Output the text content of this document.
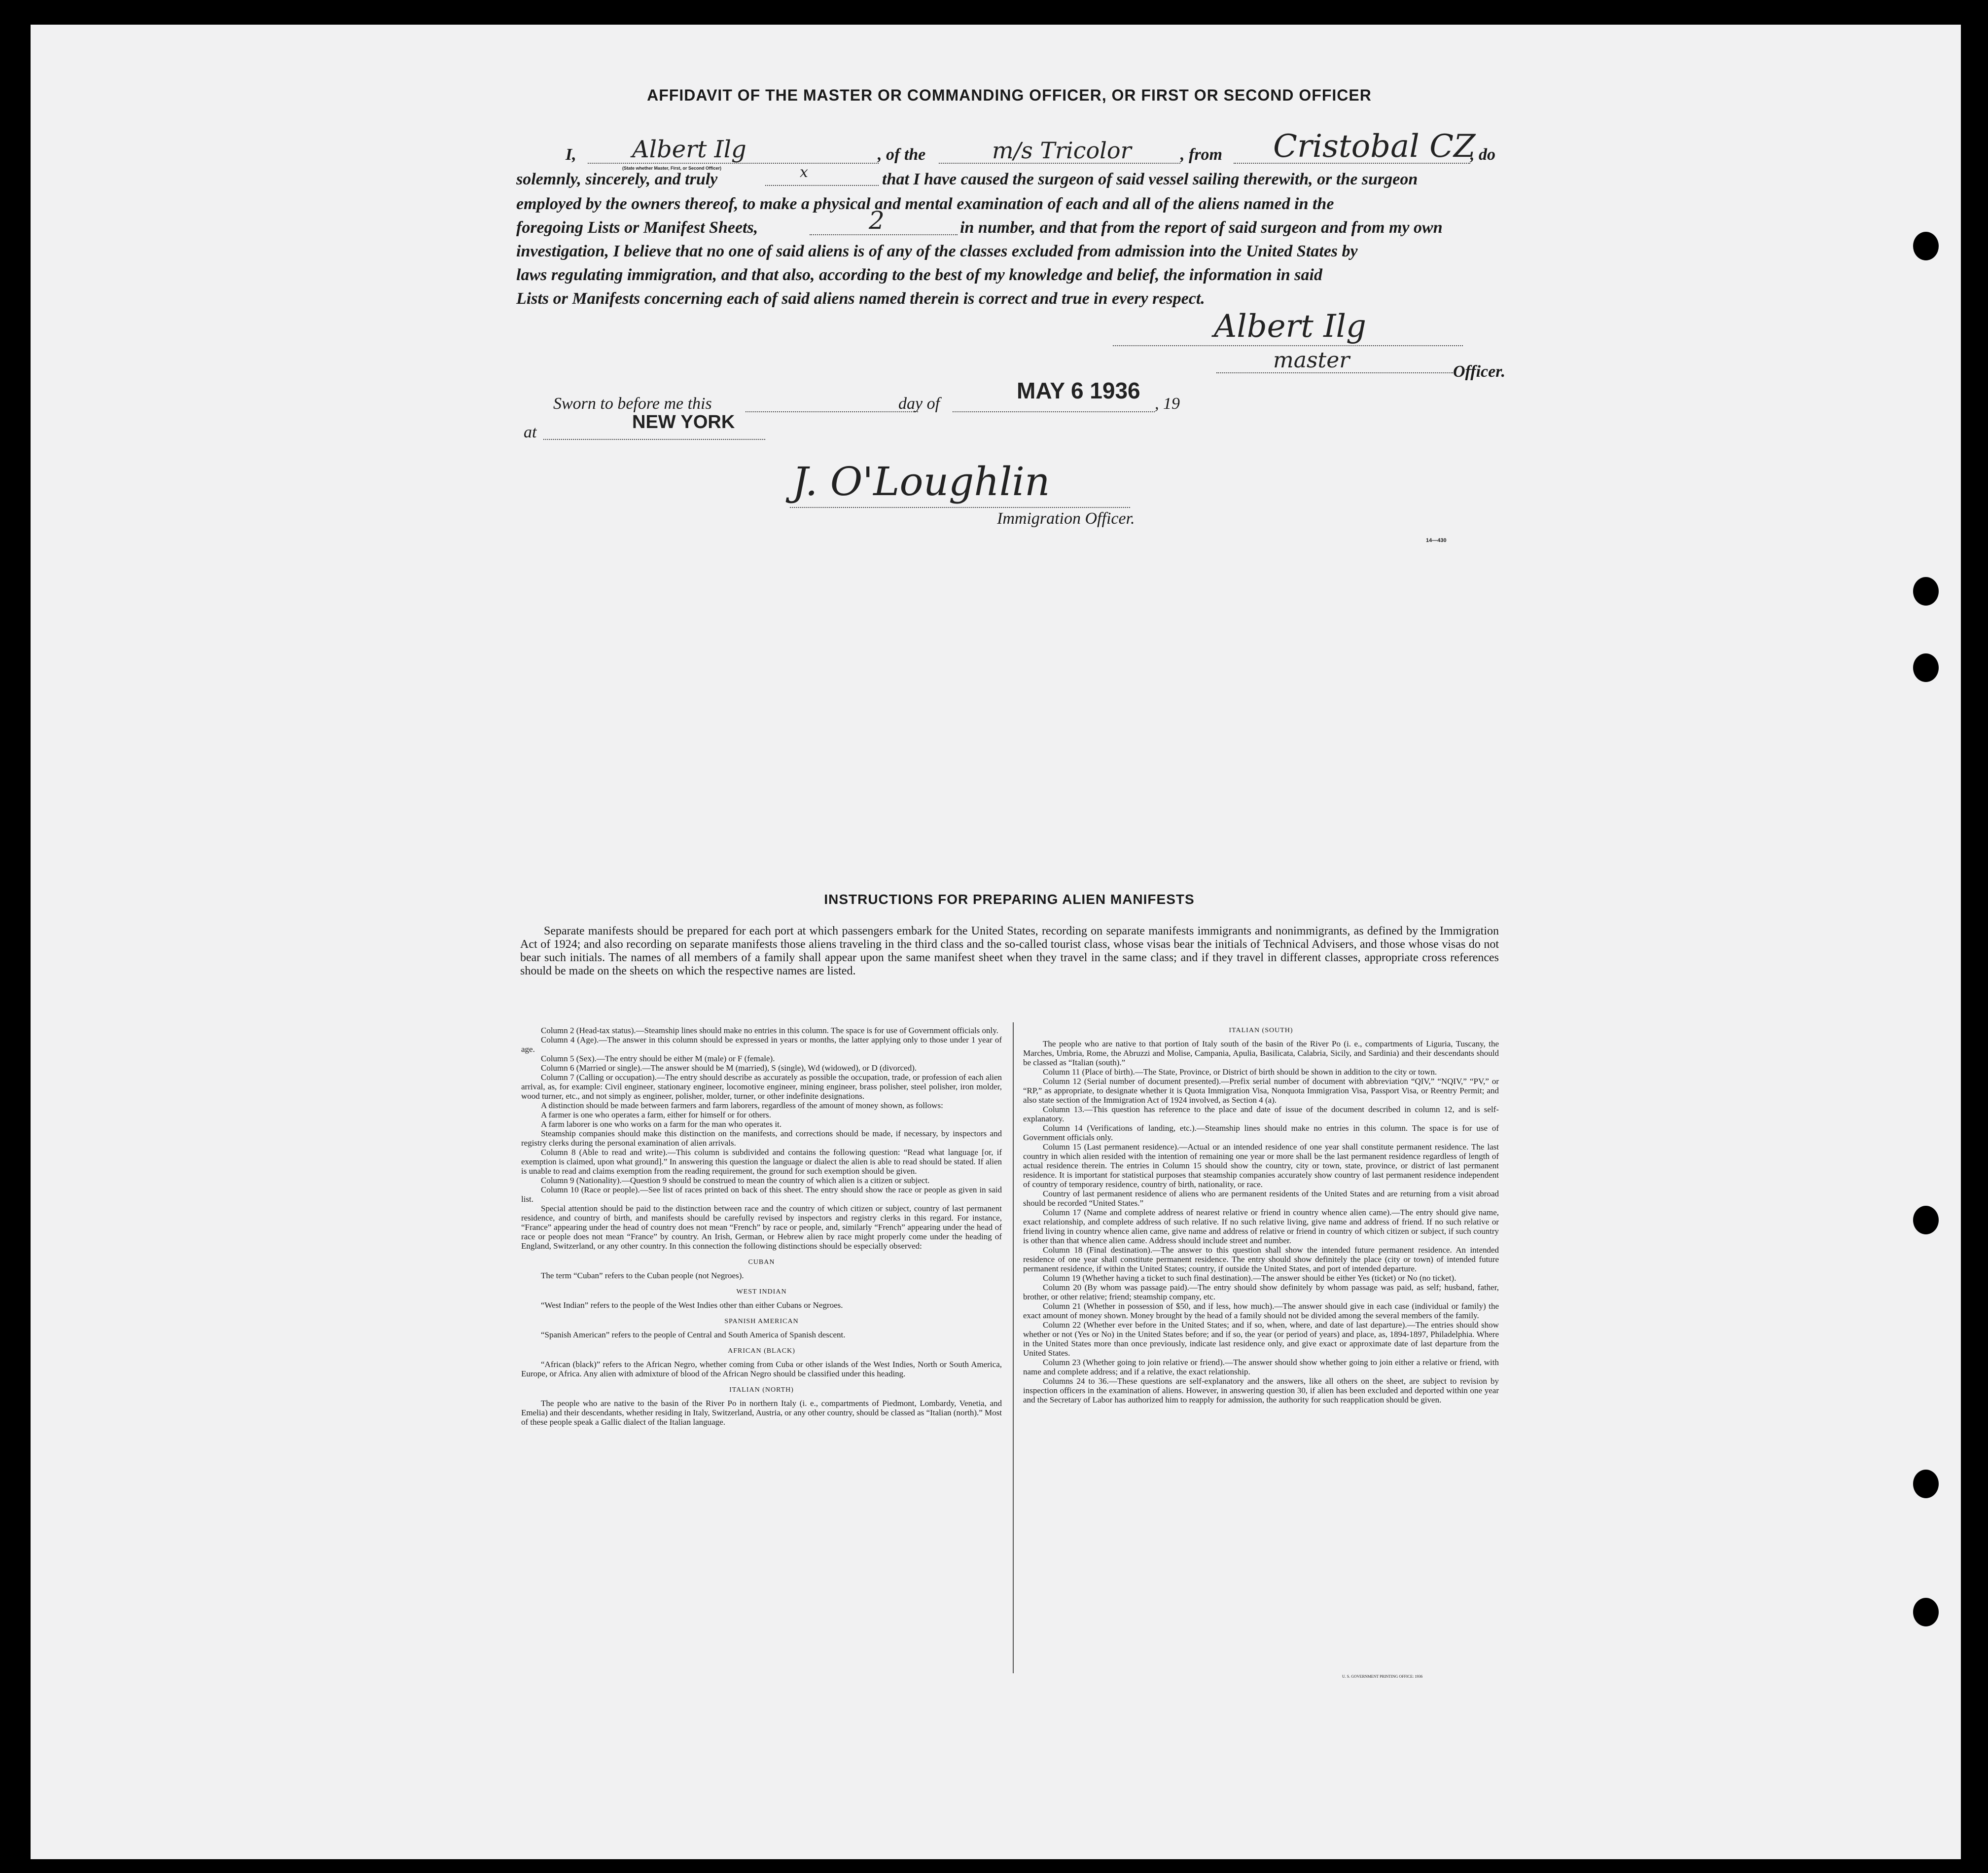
AFFIDAVIT OF THE MASTER OR COMMANDING OFFICER, OR FIRST OR SECOND OFFICER
I, Albert Ilg
(State whether Master, First, or Second Officer)
, of the	m/s Tricolor	, from Cristobal CZ
, do
solemnly, sincerely, and truly	x	that I have caused the surgeon of said vessel sailing therewith, or the surgeon
employed by the owners thereof, to make a physical and mental examination of each and all of the aliens named in the
foregoing Lists or Manifest Sheets,	2	in number, and that from the report of said surgeon and from my own
investigation, I believe that no one of said aliens is of any of the classes excluded from admission into the United States by
laws regulating immigration, and that also, according to the best of my knowledge and belief, the information in said
Lists or Manifests concerning each of said aliens named therein is correct and true in every respect.
Albert Ilg
master	Officer.
Sworn to before me this	day of
MAY 6 1936
, 19
at	NEW YORK
J. O'Loughlin
Immigration Officer.
14—430
INSTRUCTIONS FOR PREPARING ALIEN MANIFESTS
Separate manifests should be prepared for each port at which passengers embark for the United States, recording on separate manifests immigrants and nonimmigrants, as defined by the Immigration Act of 1924; and also recording on separate manifests those aliens traveling in the third class and the so-called tourist class, whose visas bear the initials of Technical Advisers, and those whose visas do not bear such initials. The names of all members of a family shall appear upon the same manifest sheet when they travel in the same class; and if they travel in different classes, appropriate cross references should be made on the sheets on which the respective names are listed.

Column 2 (Head-tax status).—Steamship lines should make no entries in this column. The space is for use of Government officials only.

Column 4 (Age).—The answer in this column should be expressed in years or months, the latter applying only to those under 1 year of age.

Column 5 (Sex).—The entry should be either M (male) or F (female).

Column 6 (Married or single).—The answer should be M (married), S (single), Wd (widowed), or D (divorced).

Column 7 (Calling or occupation).—The entry should describe as accurately as possible the occupation, trade, or profession of each alien arrival, as, for example: Civil engineer, stationary engineer, locomotive engineer, mining engineer, brass polisher, steel polisher, iron molder, wood turner, etc., and not simply as engineer, polisher, molder, turner, or other indefinite designations.

A distinction should be made between farmers and farm laborers, regardless of the amount of money shown, as follows:

A farmer is one who operates a farm, either for himself or for others.

A farm laborer is one who works on a farm for the man who operates it.

Steamship companies should make this distinction on the manifests, and corrections should be made, if necessary, by inspectors and registry clerks during the personal examination of alien arrivals.

Column 8 (Able to read and write).—This column is subdivided and contains the following question: “Read what language [or, if exemption is claimed, upon what ground].” In answering this question the language or dialect the alien is able to read should be stated. If alien is unable to read and claims exemption from the reading requirement, the ground for such exemption should be given.

Column 9 (Nationality).—Question 9 should be construed to mean the country of which alien is a citizen or subject.

Column 10 (Race or people).—See list of races printed on back of this sheet. The entry should show the race or people as given in said list.

Special attention should be paid to the distinction between race and the country of which citizen or subject, country of last permanent residence, and country of birth, and manifests should be carefully revised by inspectors and registry clerks in this regard. For instance, “France” appearing under the head of country does not mean “French” by race or people, and, similarly “French” appearing under the head of race or people does not mean “France” by country. An Irish, German, or Hebrew alien by race might properly come under the heading of England, Switzerland, or any other country. In this connection the following distinctions should be especially observed:

CUBAN

The term “Cuban” refers to the Cuban people (not Negroes).

WEST INDIAN

“West Indian” refers to the people of the West Indies other than either Cubans or Negroes.

SPANISH AMERICAN

“Spanish American” refers to the people of Central and South America of Spanish descent.

AFRICAN (BLACK)

“African (black)” refers to the African Negro, whether coming from Cuba or other islands of the West Indies, North or South America, Europe, or Africa. Any alien with admixture of blood of the African Negro should be classified under this heading.

ITALIAN (NORTH)

The people who are native to the basin of the River Po in northern Italy (i. e., compartments of Piedmont, Lombardy, Venetia, and Emelia) and their descendants, whether residing in Italy, Switzerland, Austria, or any other country, should be classed as “Italian (north).” Most of these people speak a Gallic dialect of the Italian language.

ITALIAN (SOUTH)

The people who are native to that portion of Italy south of the basin of the River Po (i. e., compartments of Liguria, Tuscany, the Marches, Umbria, Rome, the Abruzzi and Molise, Campania, Apulia, Basilicata, Calabria, Sicily, and Sardinia) and their descendants should be classed as “Italian (south).”

Column 11 (Place of birth).—The State, Province, or District of birth should be shown in addition to the city or town.

Column 12 (Serial number of document presented).—Prefix serial number of document with abbreviation “QIV,” “NQIV,” “PV,” or “RP,” as appropriate, to designate whether it is Quota Immigration Visa, Nonquota Immigration Visa, Passport Visa, or Reentry Permit; and also state section of the Immigration Act of 1924 involved, as Section 4 (a).

Column 13.—This question has reference to the place and date of issue of the document described in column 12, and is self-explanatory.

Column 14 (Verifications of landing, etc.).—Steamship lines should make no entries in this column. The space is for use of Government officials only.

Column 15 (Last permanent residence).—Actual or an intended residence of one year shall constitute permanent residence. The last country in which alien resided with the intention of remaining one year or more shall be the last permanent residence regardless of length of actual residence therein. The entries in Column 15 should show the country, city or town, state, province, or district of last permanent residence. It is important for statistical purposes that steamship companies accurately show country of last permanent residence independent of country of temporary residence, country of birth, nationality, or race.

Country of last permanent residence of aliens who are permanent residents of the United States and are returning from a visit abroad should be recorded “United States.”

Column 17 (Name and complete address of nearest relative or friend in country whence alien came).—The entry should give name, exact relationship, and complete address of such relative. If no such relative living, give name and address of friend. If no such relative or friend living in country whence alien came, give name and address of relative or friend in country of which citizen or subject, if such country is other than that whence alien came. Address should include street and number.

Column 18 (Final destination).—The answer to this question shall show the intended future permanent residence. An intended residence of one year shall constitute permanent residence. The entry should show definitely the place (city or town) of intended future permanent residence, if within the United States; country, if outside the United States, and port of intended departure.

Column 19 (Whether having a ticket to such final destination).—The answer should be either Yes (ticket) or No (no ticket).

Column 20 (By whom was passage paid).—The entry should show definitely by whom passage was paid, as self; husband, father, brother, or other relative; friend; steamship company, etc.

Column 21 (Whether in possession of $50, and if less, how much).—The answer should give in each case (individual or family) the exact amount of money shown. Money brought by the head of a family should not be divided among the several members of the family.

Column 22 (Whether ever before in the United States; and if so, when, where, and date of last departure).—The entries should show whether or not (Yes or No) in the United States before; and if so, the year (or period of years) and place, as, 1894-1897, Philadelphia. Where in the United States more than once previously, indicate last residence only, and give exact or approximate date of last departure from the United States.

Column 23 (Whether going to join relative or friend).—The answer should show whether going to join either a relative or friend, with name and complete address; and if a relative, the exact relationship.

Columns 24 to 36.—These questions are self-explanatory and the answers, like all others on the sheet, are subject to revision by inspection officers in the examination of aliens. However, in answering question 30, if alien has been excluded and deported within one year and the Secretary of Labor has authorized him to reapply for admission, the authority for such reapplication should be given.

U. S. GOVERNMENT PRINTING OFFICE: 1936
